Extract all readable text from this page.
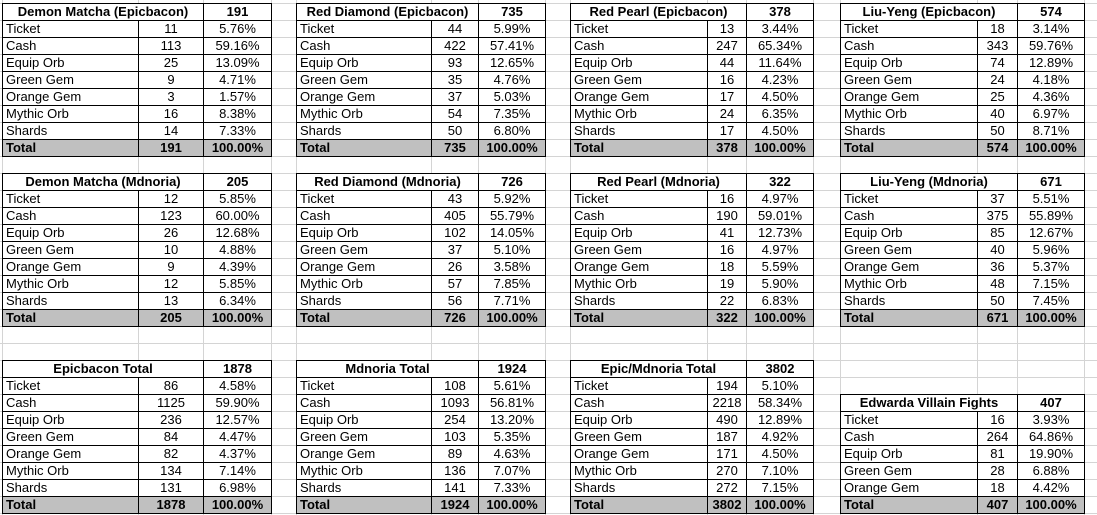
Demon Matcha (Epicbacon)		191
Ticket	11	5.76%
Cash	113	59.16%
Equip Orb	25	13.09%
Green Gem	9	4.71%
Orange Gem	3	1.57%
Mythic Orb	16	8.38%
Shards	14	7.33%
Total	191	100.00%
Red Diamond (Epicbacon)		735
Ticket	44	5.99%
Cash	422	57.41%
Equip Orb	93	12.65%
Green Gem	35	4.76%
Orange Gem	37	5.03%
Mythic Orb	54	7.35%
Shards	50	6.80%
Total	735	100.00%
Red Pearl (Epicbacon)		378
Ticket	13	3.44%
Cash	247	65.34%
Equip Orb	44	11.64%
Green Gem	16	4.23%
Orange Gem	17	4.50%
Mythic Orb	24	6.35%
Shards	17	4.50%
Total	378	100.00%
Liu-Yeng (Epicbacon)		574
Ticket	18	3.14%
Cash	343	59.76%
Equip Orb	74	12.89%
Green Gem	24	4.18%
Orange Gem	25	4.36%
Mythic Orb	40	6.97%
Shards	50	8.71%
Total	574	100.00%
Demon Matcha (Mdnoria)		205
Ticket	12	5.85%
Cash	123	60.00%
Equip Orb	26	12.68%
Green Gem	10	4.88%
Orange Gem	9	4.39%
Mythic Orb	12	5.85%
Shards	13	6.34%
Total	205	100.00%
Red Diamond (Mdnoria)		726
Ticket	43	5.92%
Cash	405	55.79%
Equip Orb	102	14.05%
Green Gem	37	5.10%
Orange Gem	26	3.58%
Mythic Orb	57	7.85%
Shards	56	7.71%
Total	726	100.00%
Red Pearl (Mdnoria)		322
Ticket	16	4.97%
Cash	190	59.01%
Equip Orb	41	12.73%
Green Gem	16	4.97%
Orange Gem	18	5.59%
Mythic Orb	19	5.90%
Shards	22	6.83%
Total	322	100.00%
Liu-Yeng (Mdnoria)		671
Ticket	37	5.51%
Cash	375	55.89%
Equip Orb	85	12.67%
Green Gem	40	5.96%
Orange Gem	36	5.37%
Mythic Orb	48	7.15%
Shards	50	7.45%
Total	671	100.00%
Epicbacon Total		1878
Ticket	86	4.58%
Cash	1125	59.90%
Equip Orb	236	12.57%
Green Gem	84	4.47%
Orange Gem	82	4.37%
Mythic Orb	134	7.14%
Shards	131	6.98%
Total	1878	100.00%
Mdnoria Total		1924
Ticket	108	5.61%
Cash	1093	56.81%
Equip Orb	254	13.20%
Green Gem	103	5.35%
Orange Gem	89	4.63%
Mythic Orb	136	7.07%
Shards	141	7.33%
Total	1924	100.00%
Epic/Mdnoria Total		3802
Ticket	194	5.10%
Cash	2218	58.34%
Equip Orb	490	12.89%
Green Gem	187	4.92%
Orange Gem	171	4.50%
Mythic Orb	270	7.10%
Shards	272	7.15%
Total	3802	100.00%
Edwarda Villain Fights		407
Ticket	16	3.93%
Cash	264	64.86%
Equip Orb	81	19.90%
Green Gem	28	6.88%
Orange Gem	18	4.42%
Total	407	100.00%
